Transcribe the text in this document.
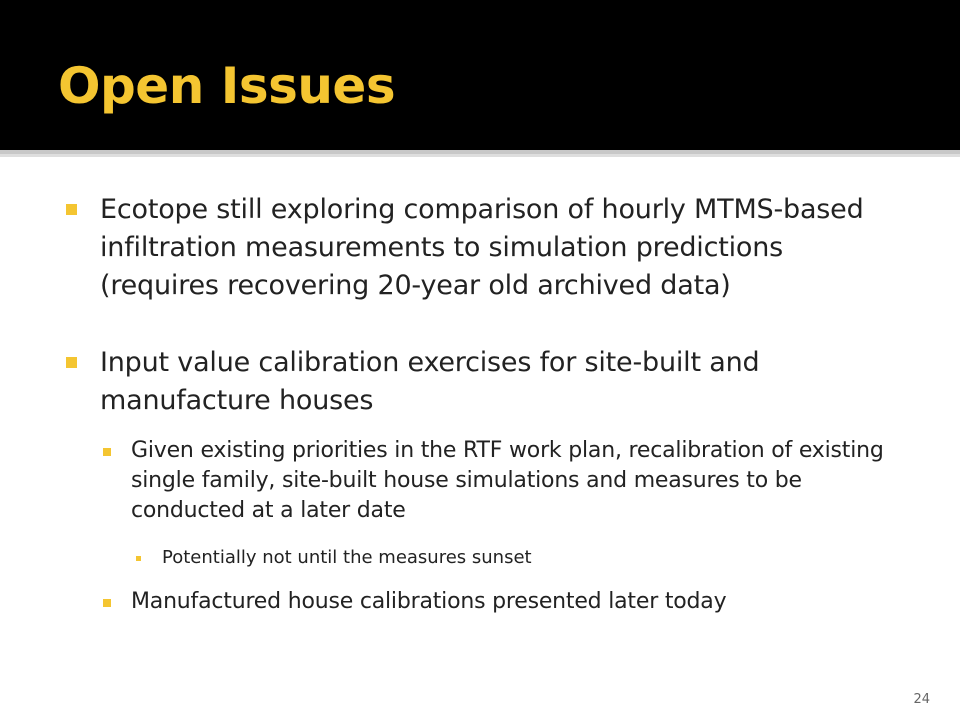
Open Issues
Ecotope still exploring comparison of hourly MTMS-based infiltration measurements to simulation predictions (requires recovering 20-year old archived data)
Input value calibration exercises for site-built and manufacture houses
Given existing priorities in the RTF work plan, recalibration of existing single family, site-built house simulations and measures to be conducted at a later date
Potentially not until the measures sunset
Manufactured house calibrations presented later today
24
